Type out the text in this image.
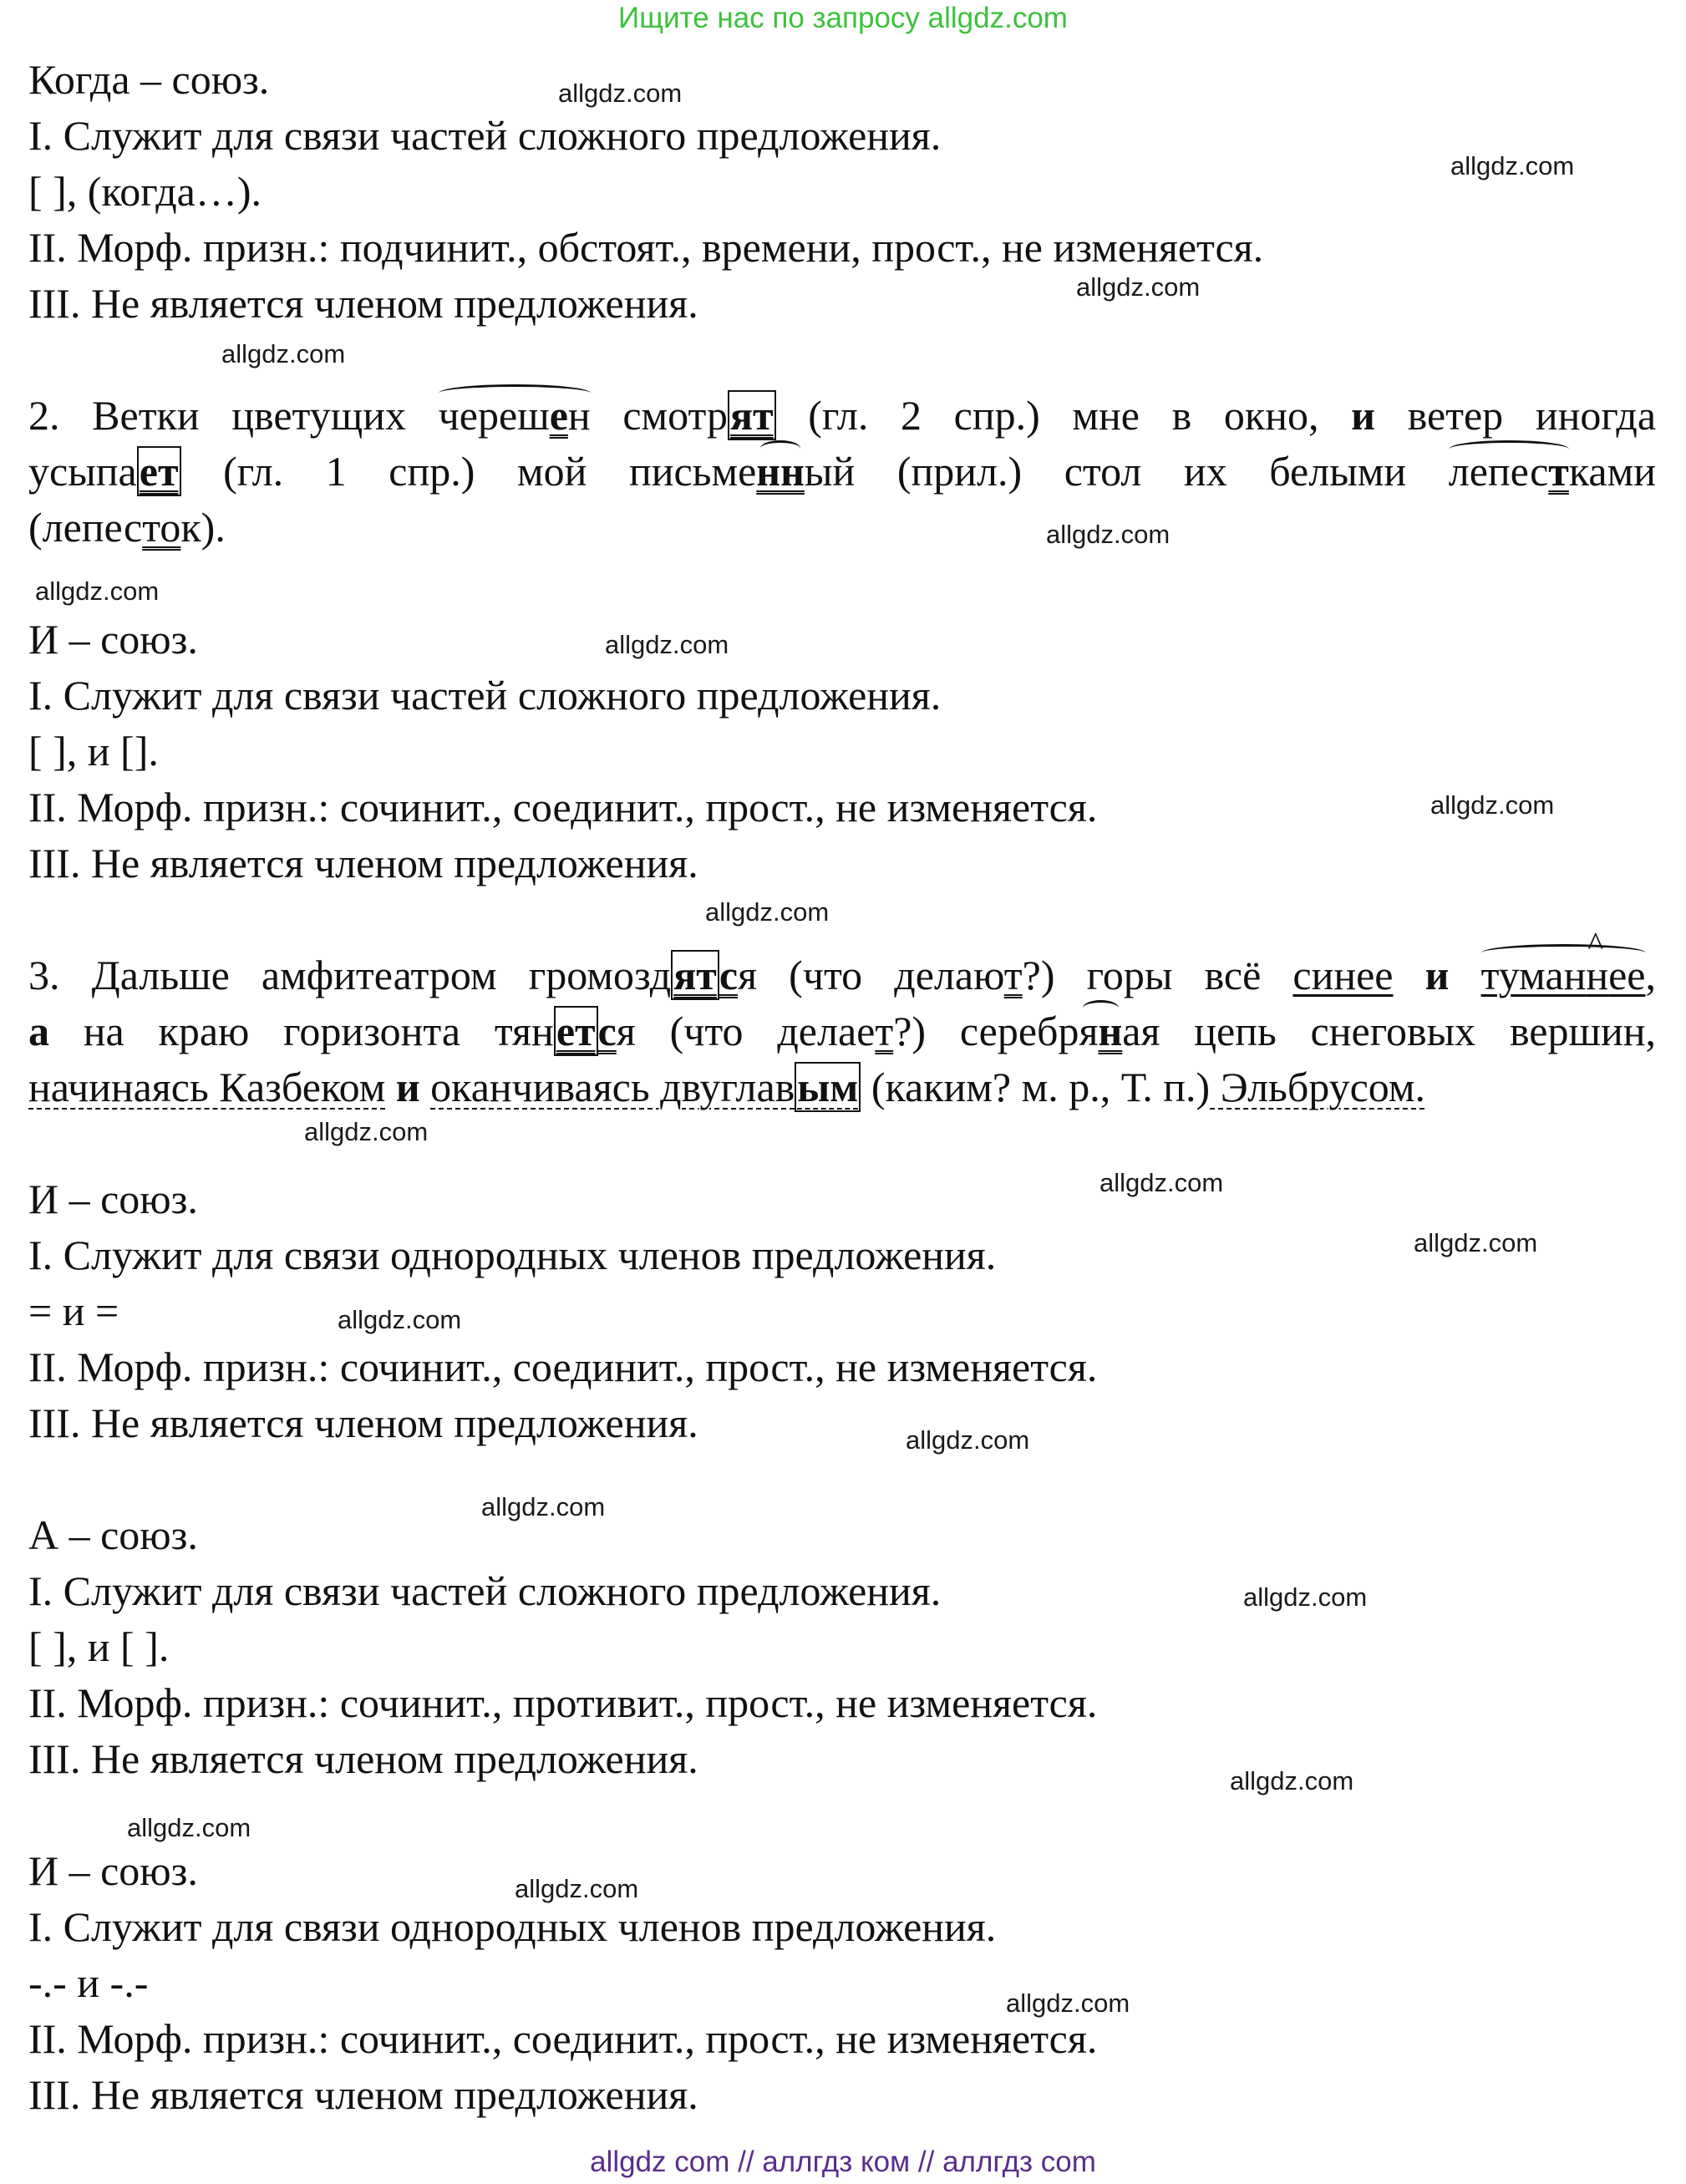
Ищите нас по запросу allgdz.com
Когда – союз.
I. Служит для связи частей сложного предложения.
[ ], (когда…).
II. Морф. призн.: подчинит., обстоят., времени, прост., не изменяется.
III. Не является членом предложения.
2. Ветки цветущих черешен смотрят (гл. 2 спр.) мне в окно, и ветер иногда
усыпает (гл. 1 спр.) мой письменный (прил.) стол их белыми лепестками
(лепесток).
И – союз.
I. Служит для связи частей сложного предложения.
[ ], и [].
II. Морф. призн.: сочинит., соединит., прост., не изменяется.
III. Не является членом предложения.
3. Дальше амфитеатром громоздятся (что делают?) горы всё синее и туманн ^ее,
а на краю горизонта тянется (что делает?) серебряная цепь снеговых вершин,
начинаясь Казбеком и оканчиваясь двуглавым (каким? м. р., Т. п.) Эльбрусом.
И – союз.
I. Служит для связи однородных членов предложения.
= и =
II. Морф. призн.: сочинит., соединит., прост., не изменяется.
III. Не является членом предложения.
А – союз.
I. Служит для связи частей сложного предложения.
[ ], и [ ].
II. Морф. призн.: сочинит., противит., прост., не изменяется.
III. Не является членом предложения.
И – союз.
I. Служит для связи однородных членов предложения.
-.- и -.-
II. Морф. призн.: сочинит., соединит., прост., не изменяется.
III. Не является членом предложения.
allgdz.com
allgdz.com
allgdz.com
allgdz.com
allgdz.com
allgdz.com
allgdz.com
allgdz.com
allgdz.com
allgdz.com
allgdz.com
allgdz.com
allgdz.com
allgdz.com
allgdz.com
allgdz.com
allgdz.com
allgdz.com
allgdz.com
allgdz.com
allgdz com // аллгдз ком // аллгдз com
